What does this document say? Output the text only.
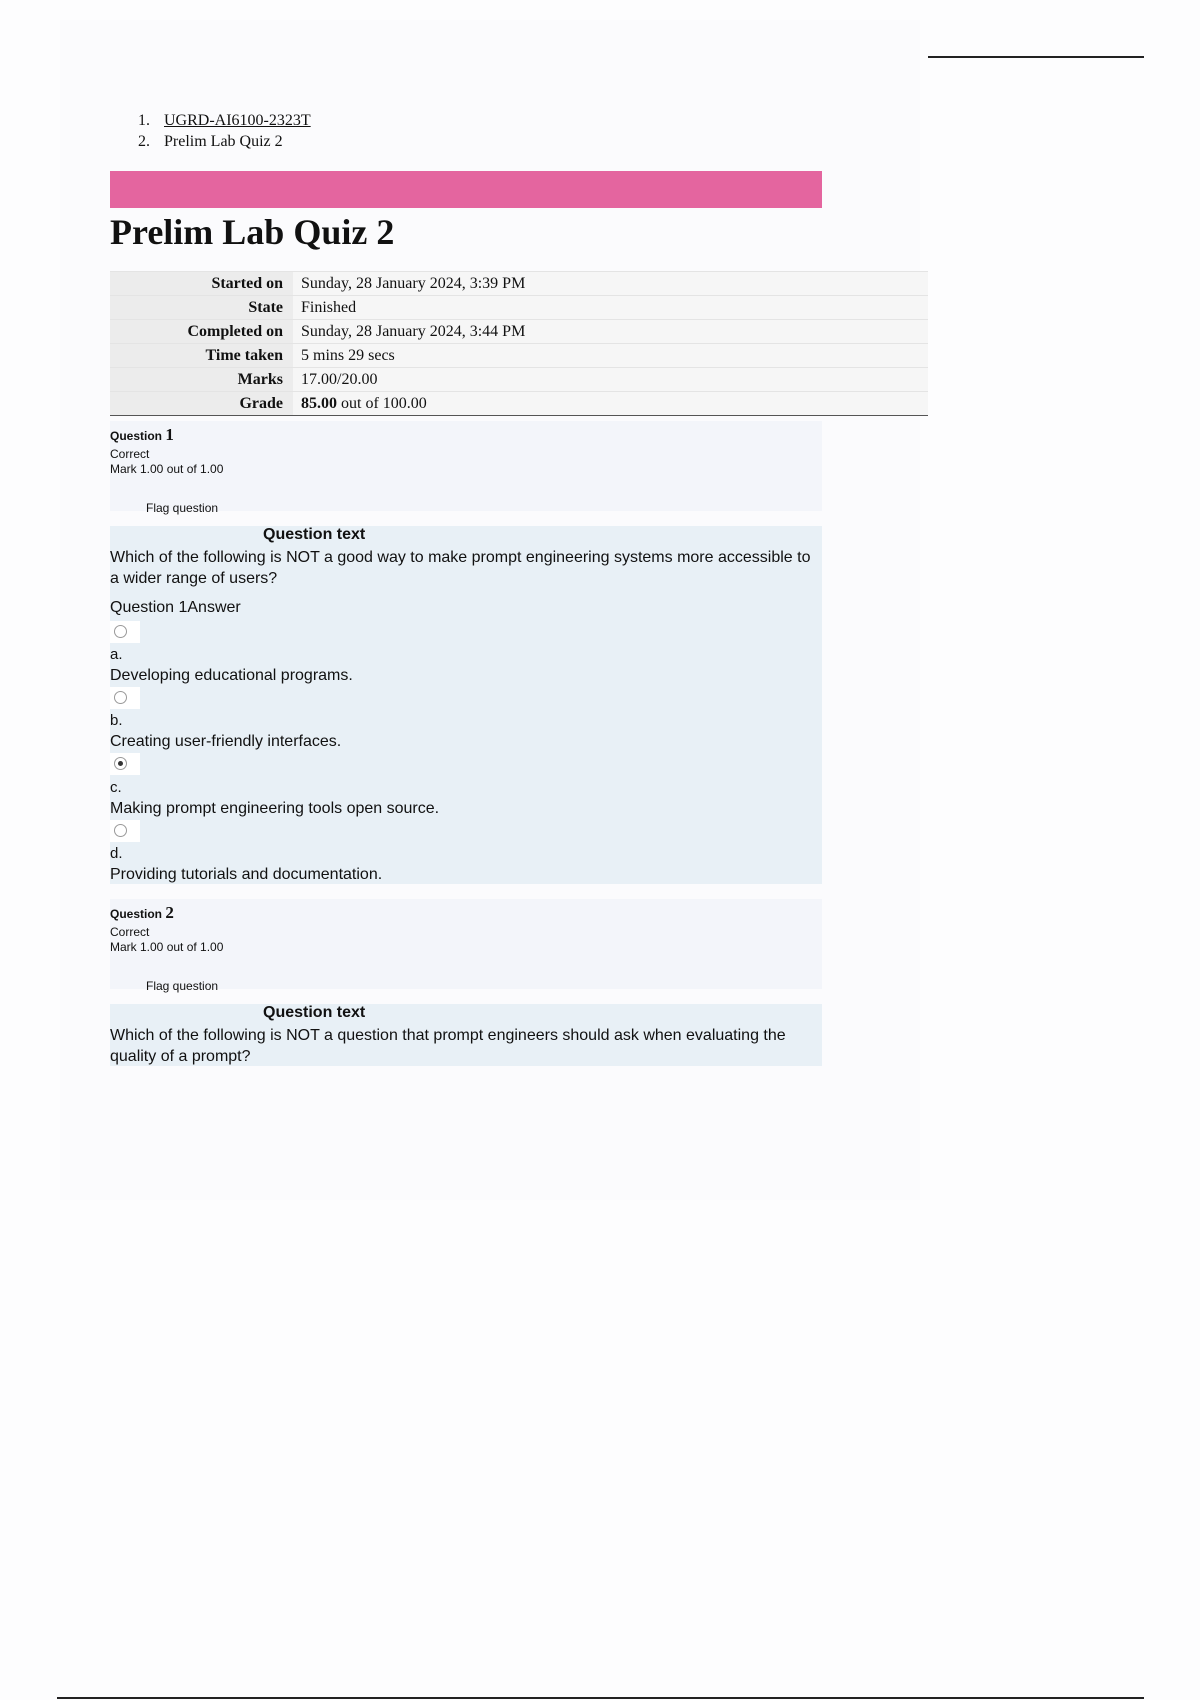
1. UGRD-AI6100-2323T
2. Prelim Lab Quiz 2
Prelim Lab Quiz 2
Started on	Sunday, 28 January 2024, 3:39 PM
State	Finished
Completed on	Sunday, 28 January 2024, 3:44 PM
Time taken	5 mins 29 secs
Marks	17.00/20.00
Grade	85.00 out of 100.00
Question 1
Correct
Mark 1.00 out of 1.00
Flag question
Question text
Which of the following is NOT a good way to make prompt engineering systems more accessible to a wider range of users?
Question 1Answer
a.
Developing educational programs.
b.
Creating user-friendly interfaces.
c.
Making prompt engineering tools open source.
d.
Providing tutorials and documentation.
Question 2
Correct
Mark 1.00 out of 1.00
Flag question
Question text
Which of the following is NOT a question that prompt engineers should ask when evaluating the quality of a prompt?
